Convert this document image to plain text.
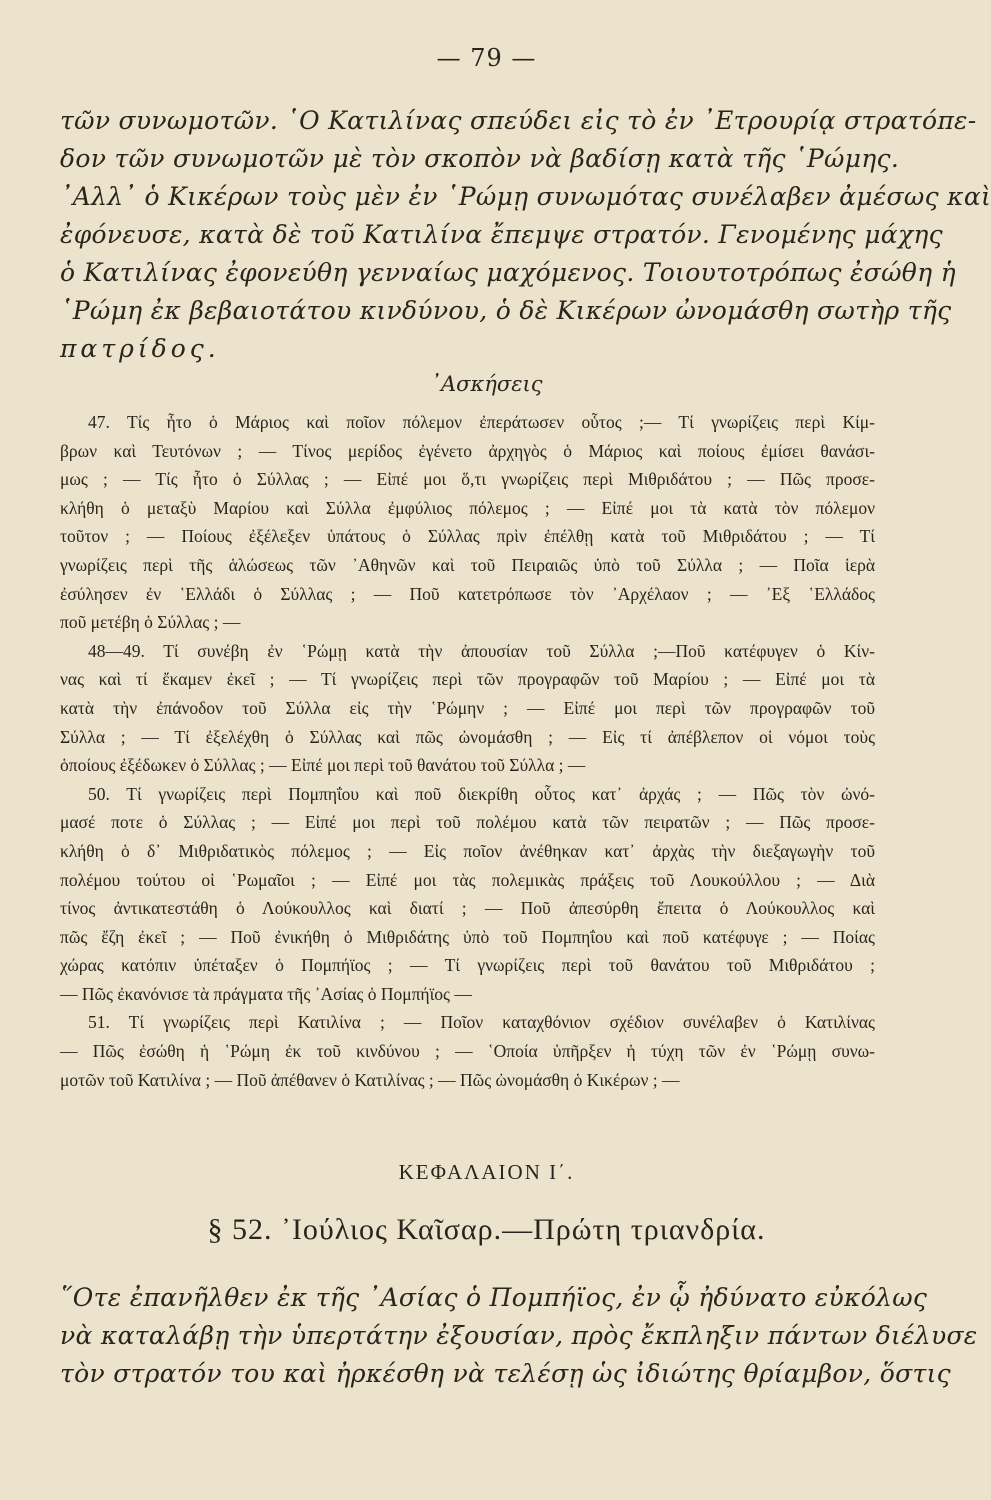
— 79 —
τῶν συνωμοτῶν. ῾Ο Κατιλίνας σπεύδει εἰς τὸ ἐν ᾿Ετρουρίᾳ στρατόπε-
δον τῶν συνωμοτῶν μὲ τὸν σκοπὸν νὰ βαδίσῃ κατὰ τῆς ῾Ρώμης.
᾿Αλλ᾿ ὁ Κικέρων τοὺς μὲν ἐν ῾Ρώμῃ συνωμότας συνέλαβεν ἀμέσως καὶ
ἐφόνευσε, κατὰ δὲ τοῦ Κατιλίνα ἔπεμψε στρατόν. Γενομένης μάχης
ὁ Κατιλίνας ἐφονεύθη γενναίως μαχόμενος. Τοιουτοτρόπως ἐσώθη ἡ
῾Ρώμη ἐκ βεβαιοτάτου κινδύνου, ὁ δὲ Κικέρων ὠνομάσθη σωτὴρ τῆς
πατρίδος.
᾿Ασκήσεις
47. Τίς ἦτο ὁ Μάριος καὶ ποῖον πόλεμον ἐπεράτωσεν οὗτος ;— Τί γνωρίζεις περὶ Κίμ-
βρων καὶ Τευτόνων ; — Τίνος μερίδος ἐγένετο ἀρχηγὸς ὁ Μάριος καὶ ποίους ἐμίσει θανάσι-
μως ; — Τίς ἦτο ὁ Σύλλας ; — Εἰπέ μοι ὅ,τι γνωρίζεις περὶ Μιθριδάτου ; — Πῶς προσε-
κλήθη ὁ μεταξὺ Μαρίου καὶ Σύλλα ἐμφύλιος πόλεμος ; — Εἰπέ μοι τὰ κατὰ τὸν πόλεμον
τοῦτον ; — Ποίους ἐξέλεξεν ὑπάτους ὁ Σύλλας πρὶν ἐπέλθῃ κατὰ τοῦ Μιθριδάτου ; — Τί
γνωρίζεις περὶ τῆς ἁλώσεως τῶν ᾿Αθηνῶν καὶ τοῦ Πειραιῶς ὑπὸ τοῦ Σύλλα ; — Ποῖα ἱερὰ
ἐσύλησεν ἐν ῾Ελλάδι ὁ Σύλλας ; — Ποῦ κατετρόπωσε τὸν ᾿Αρχέλαον ; — ᾿Εξ ῾Ελλάδος
ποῦ μετέβη ὁ Σύλλας ; —
48—49. Τί συνέβη ἐν ῾Ρώμῃ κατὰ τὴν ἀπουσίαν τοῦ Σύλλα ;—Ποῦ κατέφυγεν ὁ Κίν-
νας καὶ τί ἔκαμεν ἐκεῖ ; — Τί γνωρίζεις περὶ τῶν προγραφῶν τοῦ Μαρίου ; — Εἰπέ μοι τὰ
κατὰ τὴν ἐπάνοδον τοῦ Σύλλα εἰς τὴν ῾Ρώμην ; — Εἰπέ μοι περὶ τῶν προγραφῶν τοῦ
Σύλλα ; — Τί ἐξελέχθη ὁ Σύλλας καὶ πῶς ὠνομάσθη ; — Εἰς τί ἀπέβλεπον οἱ νόμοι τοὺς
ὁποίους ἐξέδωκεν ὁ Σύλλας ; — Εἰπέ μοι περὶ τοῦ θανάτου τοῦ Σύλλα ; —
50. Τί γνωρίζεις περὶ Πομπηΐου καὶ ποῦ διεκρίθη οὗτος κατ᾿ ἀρχάς ; — Πῶς τὸν ὠνό-
μασέ ποτε ὁ Σύλλας ; — Εἰπέ μοι περὶ τοῦ πολέμου κατὰ τῶν πειρατῶν ; — Πῶς προσε-
κλήθη ὁ δ᾿ Μιθριδατικὸς πόλεμος ; — Εἰς ποῖον ἀνέθηκαν κατ᾿ ἀρχὰς τὴν διεξαγωγὴν τοῦ
πολέμου τούτου οἱ ῾Ρωμαῖοι ; — Εἰπέ μοι τὰς πολεμικὰς πράξεις τοῦ Λουκούλλου ; — Διὰ
τίνος ἀντικατεστάθη ὁ Λούκουλλος καὶ διατί ; — Ποῦ ἀπεσύρθη ἔπειτα ὁ Λούκουλλος καὶ
πῶς ἔζη ἐκεῖ ; — Ποῦ ἐνικήθη ὁ Μιθριδάτης ὑπὸ τοῦ Πομπηΐου καὶ ποῦ κατέφυγε ; — Ποίας
χώρας κατόπιν ὑπέταξεν ὁ Πομπήϊος ; — Τί γνωρίζεις περὶ τοῦ θανάτου τοῦ Μιθριδάτου ;
— Πῶς ἐκανόνισε τὰ πράγματα τῆς ᾿Ασίας ὁ Πομπήϊος —
51. Τί γνωρίζεις περὶ Κατιλίνα ; — Ποῖον καταχθόνιον σχέδιον συνέλαβεν ὁ Κατιλίνας
— Πῶς ἐσώθη ἡ ῾Ρώμη ἐκ τοῦ κινδύνου ; — ῾Οποία ὑπῆρξεν ἡ τύχη τῶν ἐν ῾Ρώμῃ συνω-
μοτῶν τοῦ Κατιλίνα ; — Ποῦ ἀπέθανεν ὁ Κατιλίνας ; — Πῶς ὠνομάσθη ὁ Κικέρων ; —
ΚΕΦΑΛΑΙΟΝ Ι΄.
§ 52. ᾿Ιούλιος Καῖσαρ.—Πρώτη τριανδρία.
῞Οτε ἐπανῆλθεν ἐκ τῆς ᾿Ασίας ὁ Πομπήϊος, ἐν ᾧ ἠδύνατο εὐκόλως
νὰ καταλάβῃ τὴν ὑπερτάτην ἐξουσίαν, πρὸς ἔκπληξιν πάντων διέλυσε
τὸν στρατόν του καὶ ἠρκέσθη νὰ τελέσῃ ὡς ἰδιώτης θρίαμβον, ὅστις
